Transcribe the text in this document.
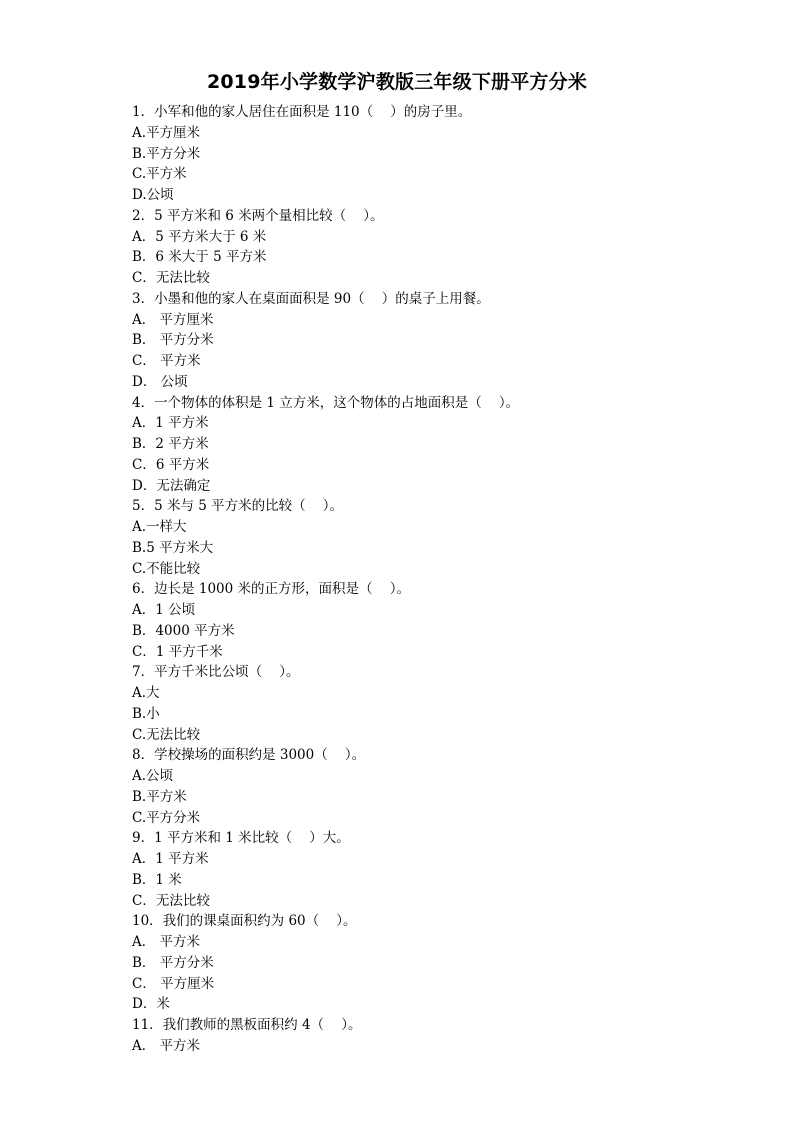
2019年小学数学沪教版三年级下册平方分米
1．小军和他的家人居住在面积是 110（    ）的房子里。
A.平方厘米
B.平方分米
C.平方米
D.公顷
2．5 平方米和 6 米两个量相比较（    ）。
A．5 平方米大于 6 米
B．6 米大于 5 平方米
C．无法比较
3．小墨和他的家人在桌面面积是 90（    ）的桌子上用餐。
A． 平方厘米
B． 平方分米
C． 平方米
D． 公顷
4．一个物体的体积是 1 立方米，这个物体的占地面积是（    ）。
A．1 平方米
B．2 平方米
C．6 平方米
D．无法确定
5．5 米与 5 平方米的比较（    ）。
A.一样大
B.5 平方米大
C.不能比较
6．边长是 1000 米的正方形，面积是（    ）。
A．1 公顷
B．4000 平方米
C．1 平方千米
7．平方千米比公顷（    ）。
A.大
B.小
C.无法比较
8．学校操场的面积约是 3000（    ）。
A.公顷
B.平方米
C.平方分米
9．1 平方米和 1 米比较（    ）大。
A．1 平方米
B．1 米
C．无法比较
10．我们的课桌面积约为 60（    ）。
A． 平方米
B． 平方分米
C． 平方厘米
D．米
11．我们教师的黑板面积约 4（    ）。
A． 平方米
